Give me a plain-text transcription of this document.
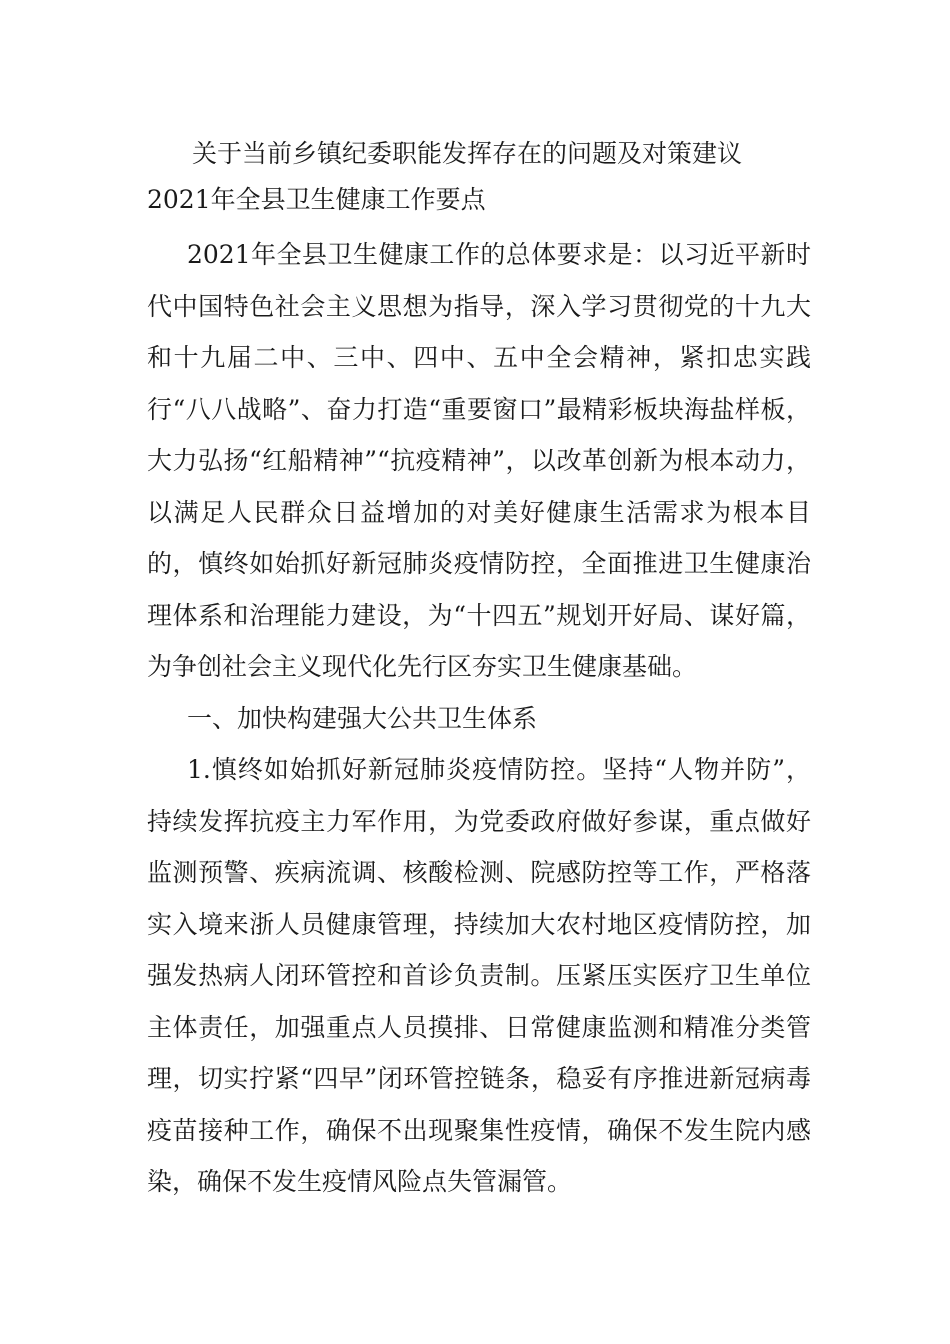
关于当前乡镇纪委职能发挥存在的问题及对策建议
2021年全县卫生健康工作要点

2021年全县卫生健康工作的总体要求是：以习近平新时代中国特色社会主义思想为指导，深入学习贯彻党的十九大和十九届二中、三中、四中、五中全会精神，紧扣忠实践行“八八战略”、奋力打造“重要窗口”最精彩板块海盐样板，大力弘扬“红船精神”“抗疫精神”，以改革创新为根本动力，以满足人民群众日益增加的对美好健康生活需求为根本目的，慎终如始抓好新冠肺炎疫情防控，全面推进卫生健康治理体系和治理能力建设，为“十四五”规划开好局、谋好篇，为争创社会主义现代化先行区夯实卫生健康基础。

一、加快构建强大公共卫生体系

1.慎终如始抓好新冠肺炎疫情防控。坚持“人物并防”，持续发挥抗疫主力军作用，为党委政府做好参谋，重点做好监测预警、疾病流调、核酸检测、院感防控等工作，严格落实入境来浙人员健康管理，持续加大农村地区疫情防控，加强发热病人闭环管控和首诊负责制。压紧压实医疗卫生单位主体责任，加强重点人员摸排、日常健康监测和精准分类管理，切实拧紧“四早”闭环管控链条，稳妥有序推进新冠病毒疫苗接种工作，确保不出现聚集性疫情，确保不发生院内感染，确保不发生疫情风险点失管漏管。
